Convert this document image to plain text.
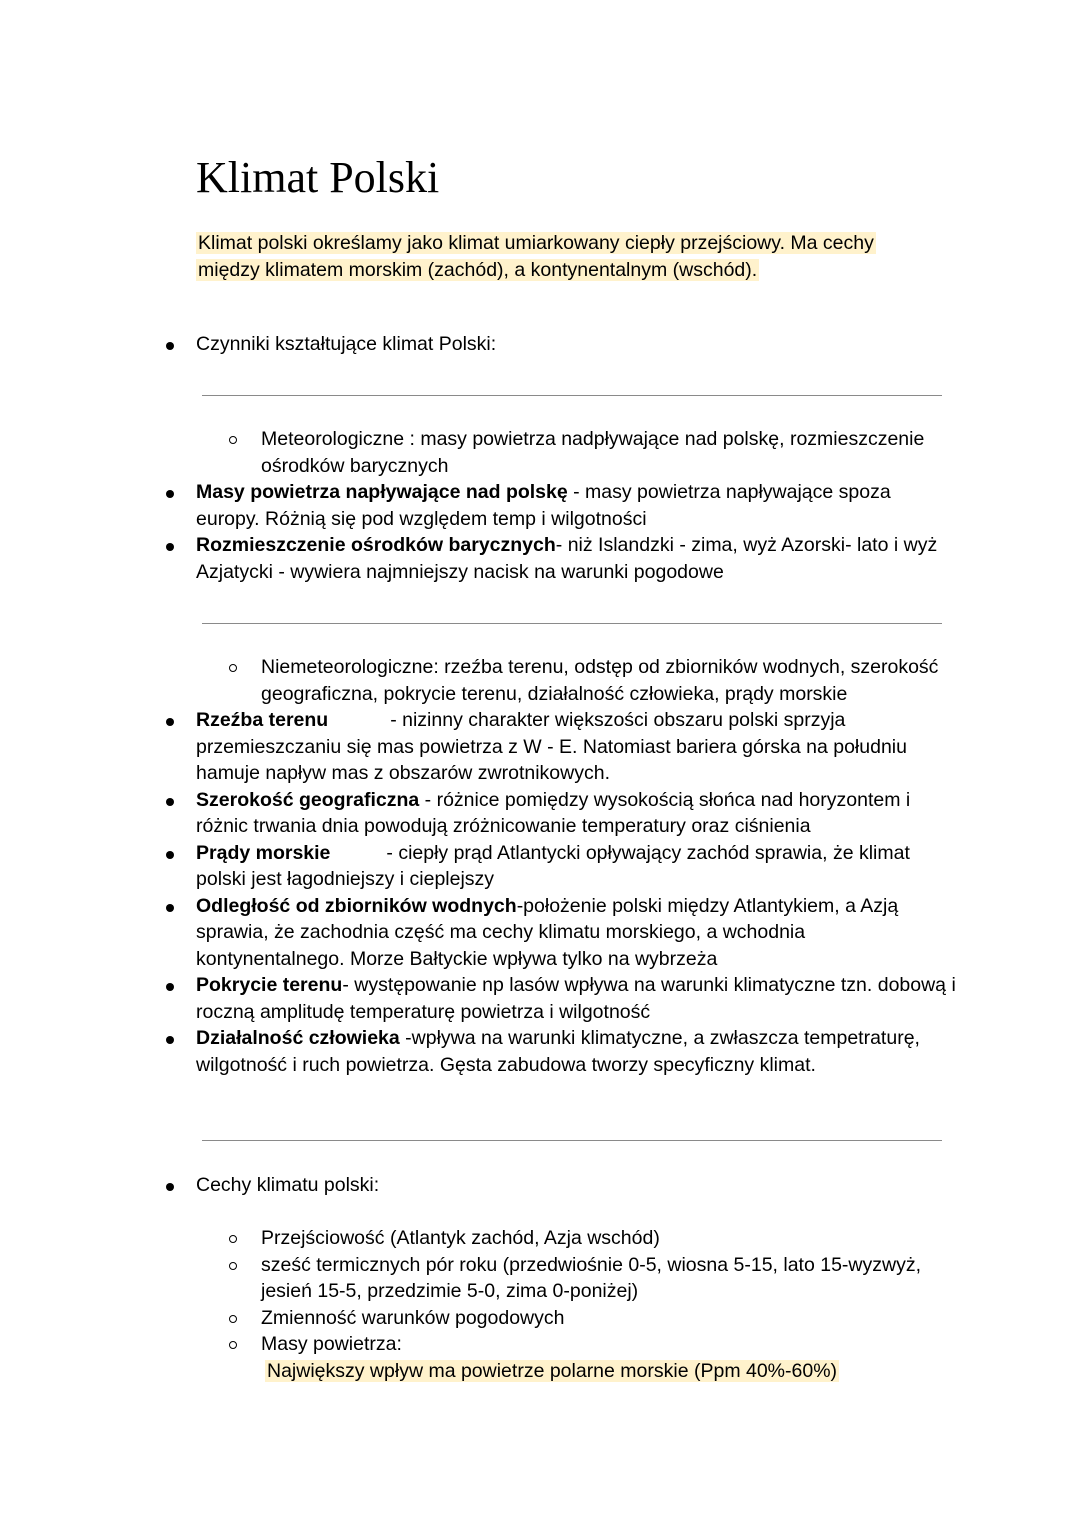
Klimat Polski
Klimat polski określamy jako klimat umiarkowany ciepły przejściowy. Ma cechy między klimatem morskim (zachód), a kontynentalnym (wschód).
Czynniki kształtujące klimat Polski:
Meteorologiczne : masy powietrza nadpływające nad polskę, rozmieszczenie ośrodków barycznych
Masy powietrza napływające nad polskę - masy powietrza napływające spoza europy. Różnią się pod względem temp i wilgotności
Rozmieszczenie ośrodków barycznych- niż Islandzki - zima, wyż Azorski- lato i wyż Azjatycki - wywiera najmniejszy nacisk na warunki pogodowe
Niemeteorologiczne: rzeźba terenu, odstęp od zbiorników wodnych, szerokość geograficzna, pokrycie terenu, działalność człowieka, prądy morskie
Rzeźba terenu	- nizinny charakter większości obszaru polski sprzyja przemieszczaniu się mas powietrza z W - E. Natomiast bariera górska na południu hamuje napływ mas z obszarów zwrotnikowych.
Szerokość geograficzna - różnice pomiędzy wysokością słońca nad horyzontem i różnic trwania dnia powodują zróżnicowanie temperatury oraz ciśnienia
Prądy morskie	- ciepły prąd Atlantycki opływający zachód sprawia, że klimat polski jest łagodniejszy i cieplejszy
Odległość od zbiorników wodnych-położenie polski między Atlantykiem, a Azją sprawia, że zachodnia część ma cechy klimatu morskiego, a wchodnia kontynentalnego. Morze Bałtyckie wpływa tylko na wybrzeża
Pokrycie terenu- występowanie np lasów wpływa na warunki klimatyczne tzn. dobową i roczną amplitudę temperaturę powietrza i wilgotność
Działalność człowieka -wpływa na warunki klimatyczne, a zwłaszcza tempetraturę, wilgotność i ruch powietrza. Gęsta zabudowa tworzy specyficzny klimat.
Cechy klimatu polski:
Przejściowość (Atlantyk zachód, Azja wschód)
sześć termicznych pór roku (przedwiośnie 0-5, wiosna 5-15, lato 15-wyzwyż, jesień 15-5, przedzimie 5-0, zima 0-poniżej)
Zmienność warunków pogodowych
Masy powietrza:
Największy wpływ ma powietrze polarne morskie (Ppm 40%-60%)
